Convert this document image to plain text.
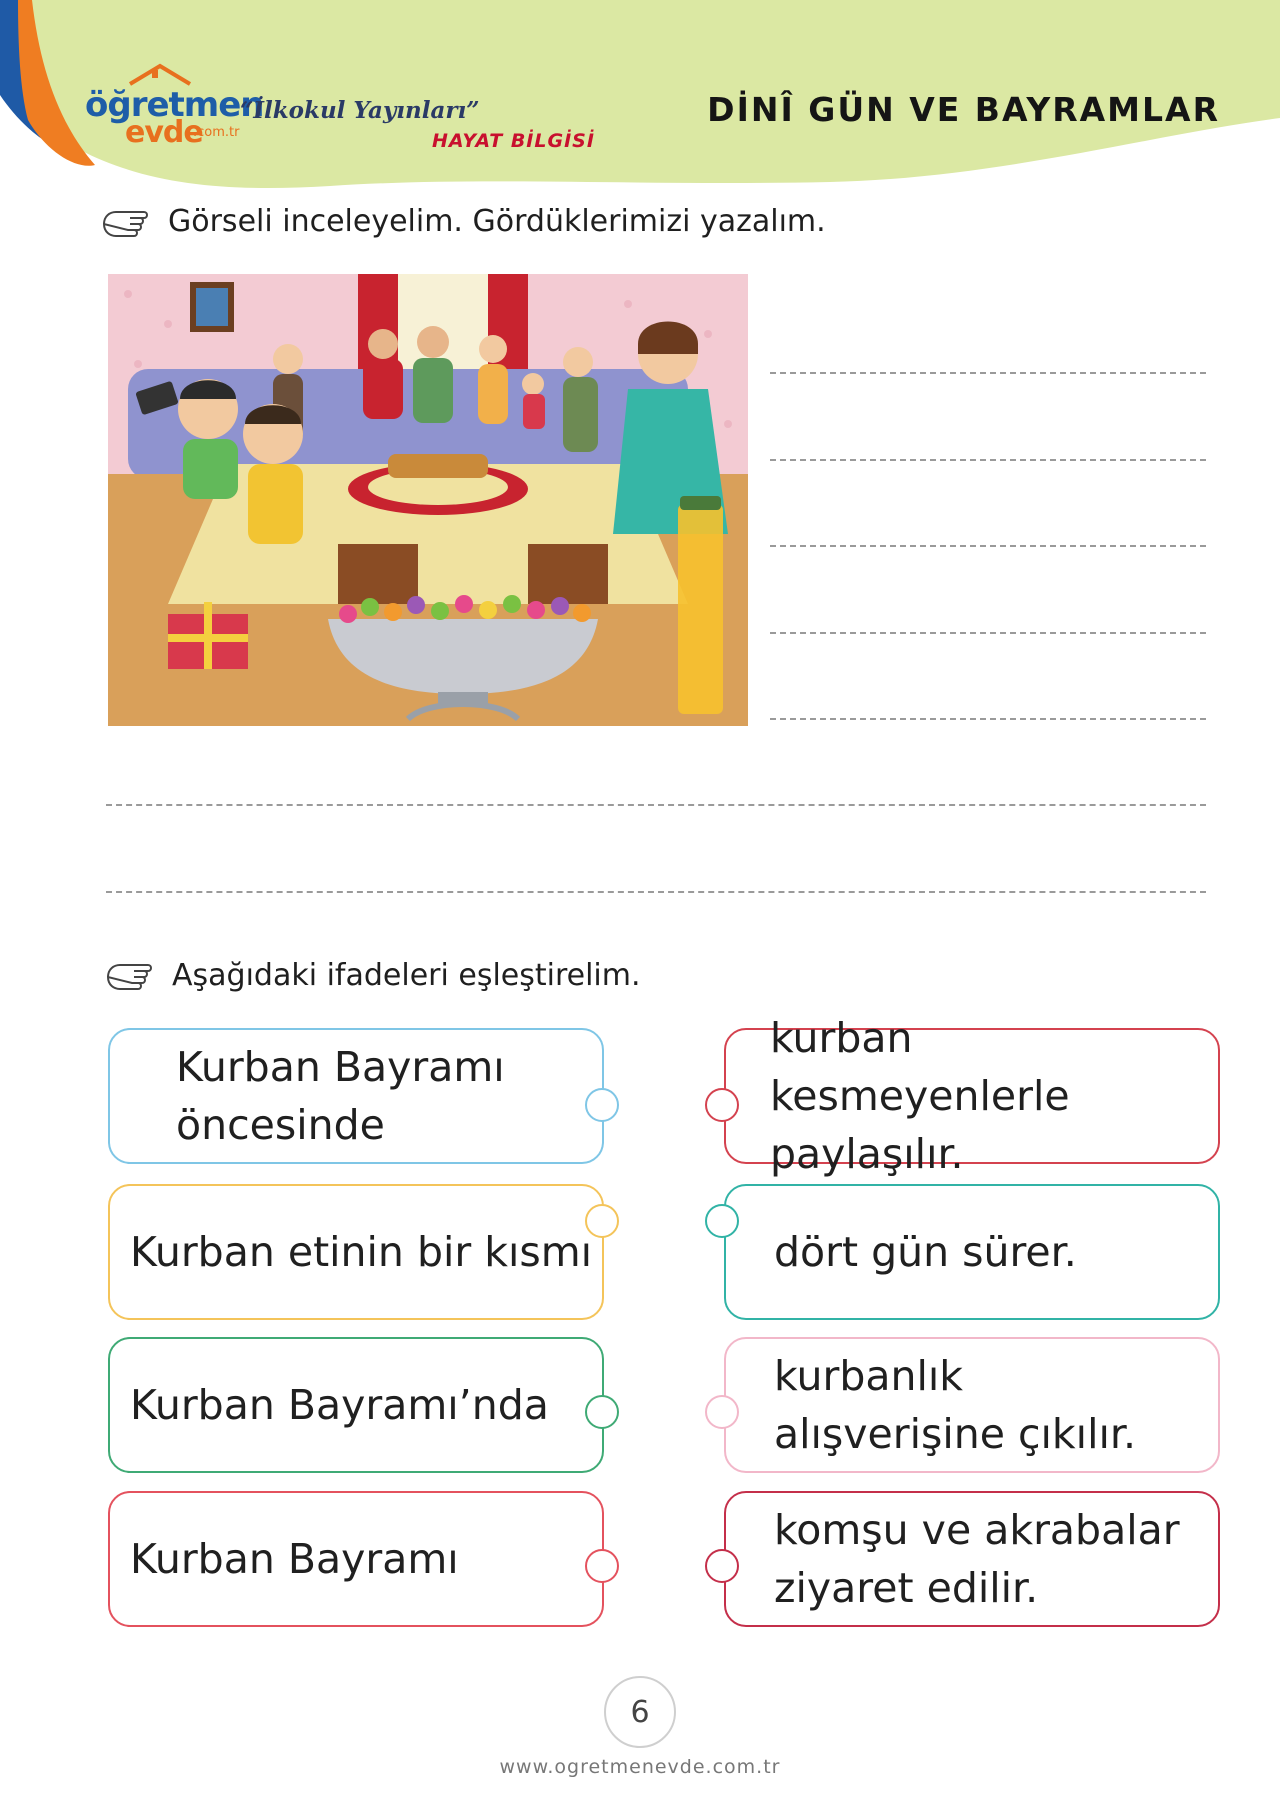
öğretmen
evde
.com.tr
“İlkokul Yayınları”
HAYAT BİLGİSİ
DİNÎ GÜN VE BAYRAMLAR
Görseli inceleyelim. Gördüklerimizi yazalım.
Aşağıdaki ifadeleri eşleştirelim.
Kurban Bayramı öncesinde
Kurban etinin bir kısmı
Kurban Bayramı’nda
Kurban Bayramı
kurban kesmeyenlerle paylaşılır.
dört gün sürer.
kurbanlık alışverişine çıkılır.
komşu ve akrabalar ziyaret edilir.
6
www.ogretmenevde.com.tr
